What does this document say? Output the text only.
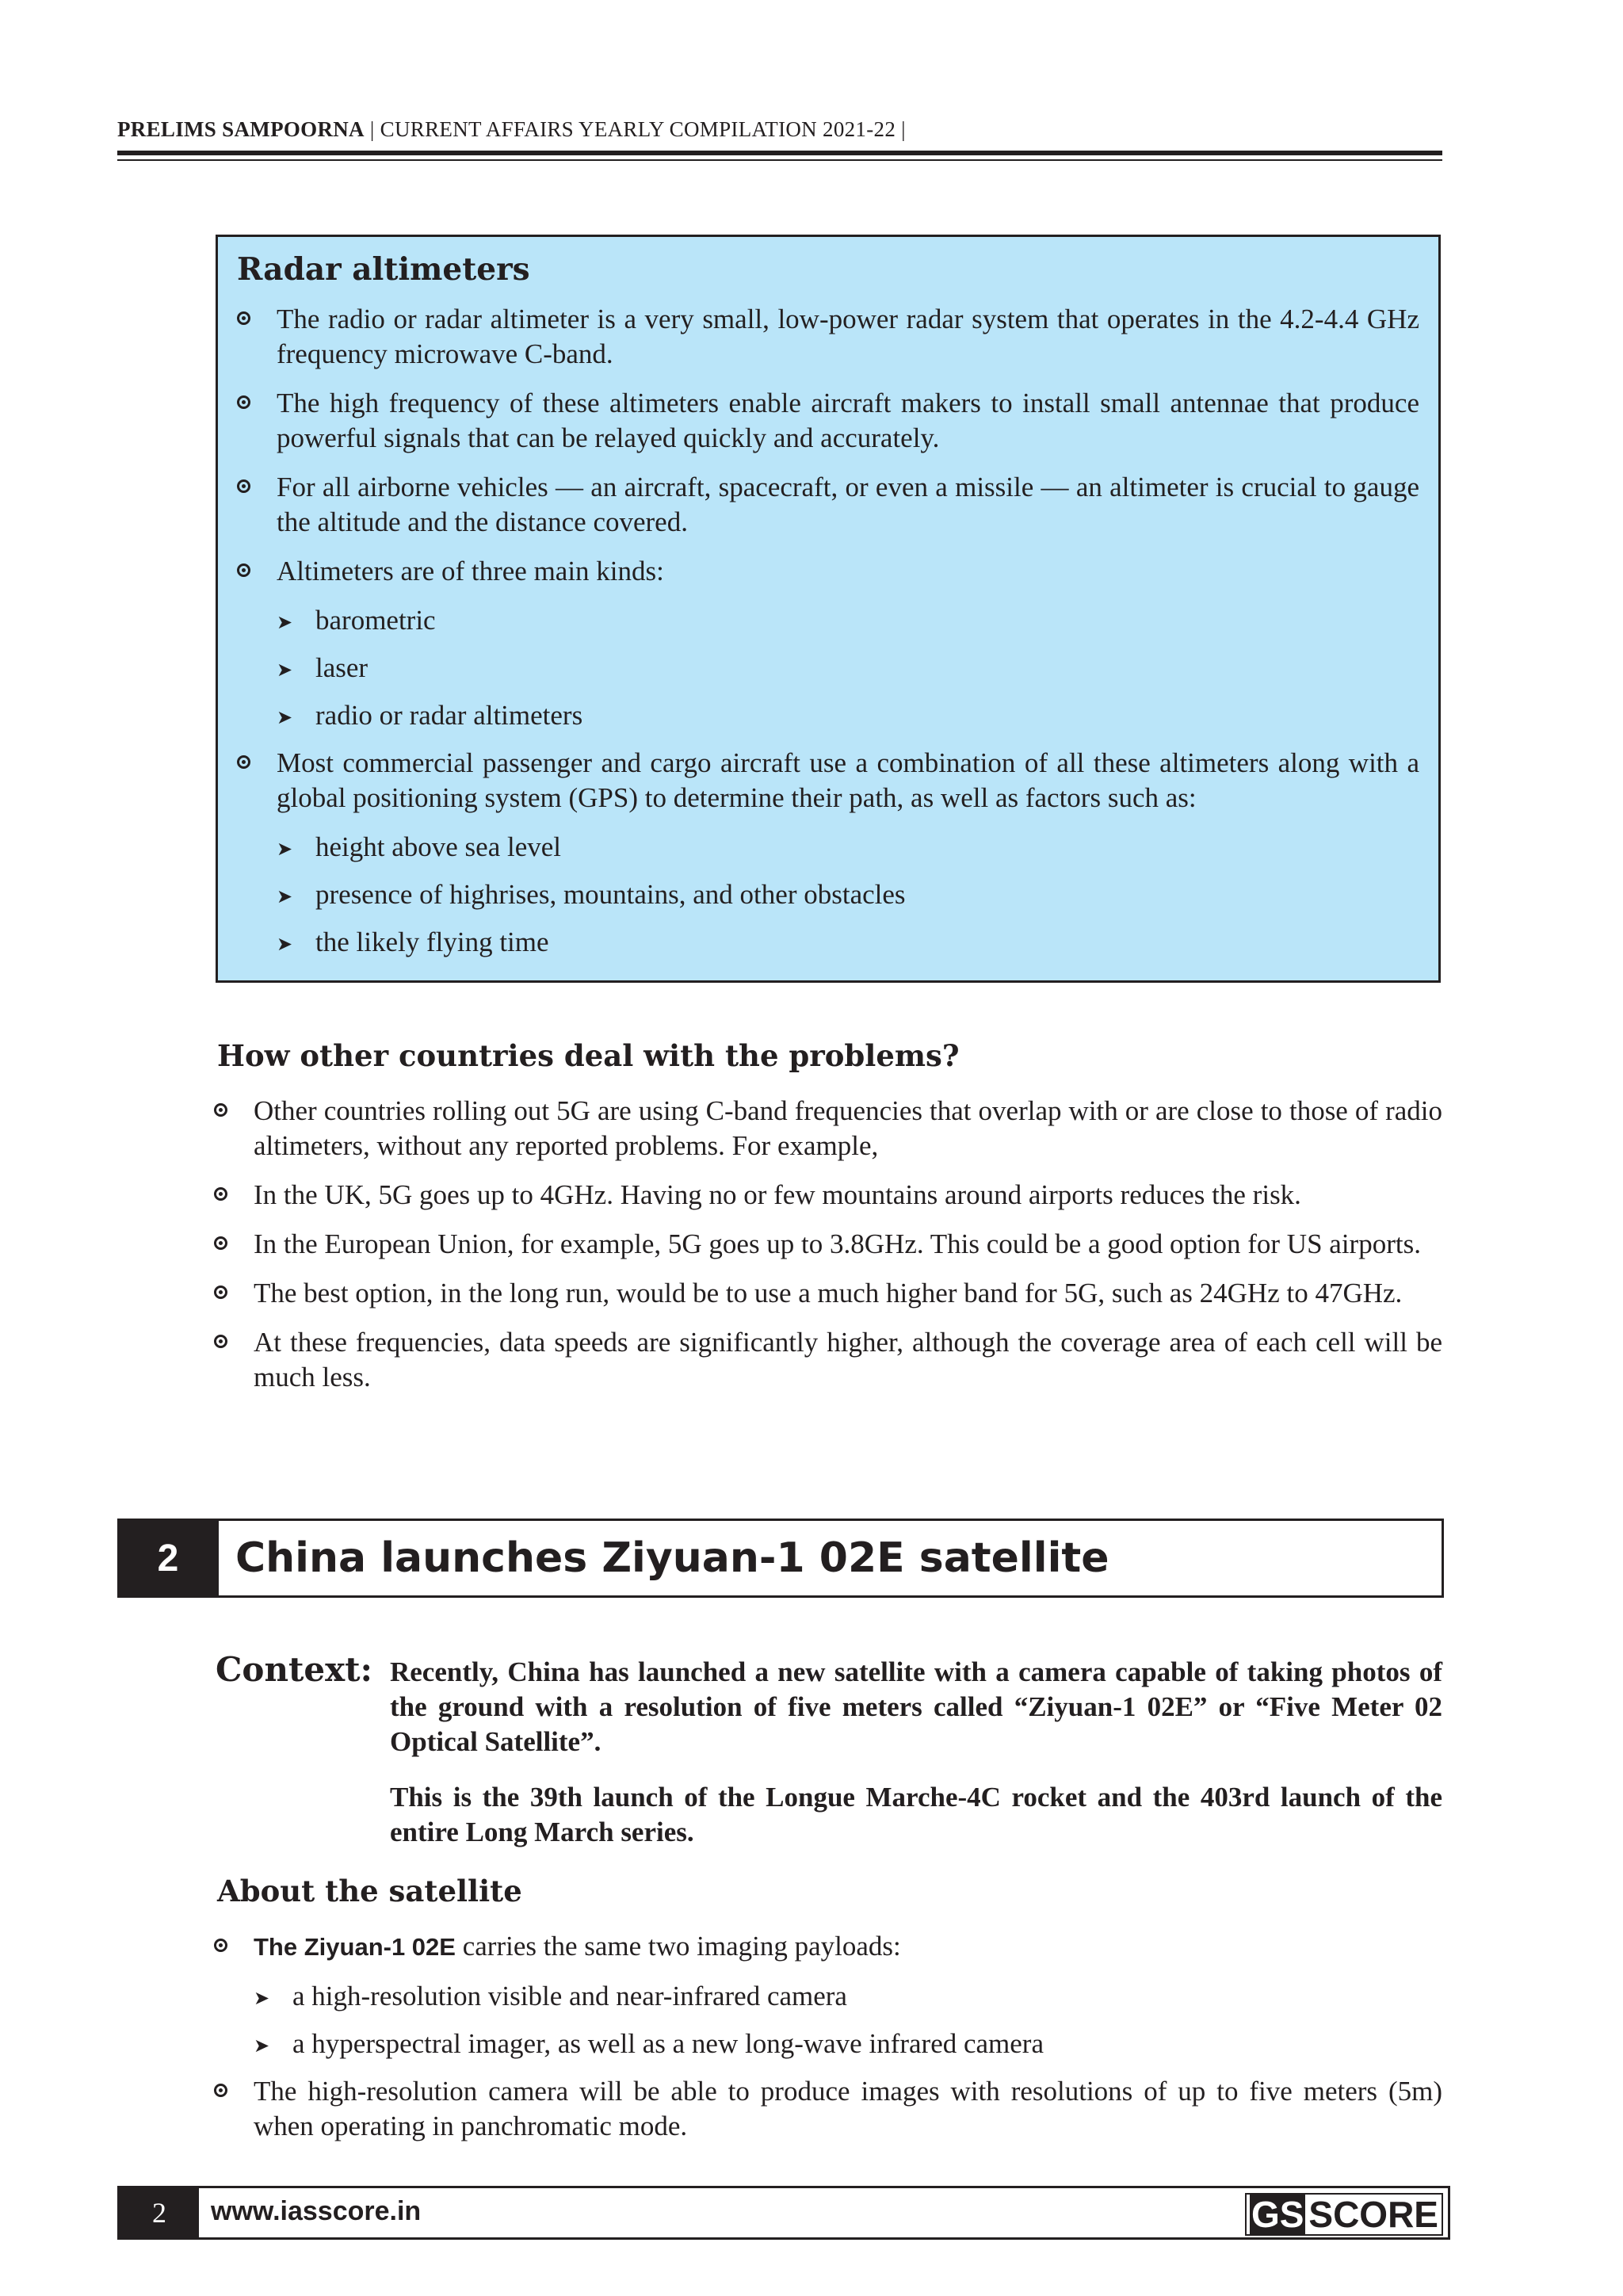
PRELIMS SAMPOORNA | CURRENT AFFAIRS YEARLY COMPILATION 2021-22 |
Radar altimeters
The radio or radar altimeter is a very small, low-power radar system that operates in the 4.2-4.4 GHz frequency microwave C-band.
The high frequency of these altimeters enable aircraft makers to install small antennae that produce powerful signals that can be relayed quickly and accurately.
For all airborne vehicles — an aircraft, spacecraft, or even a missile — an altimeter is crucial to gauge the altitude and the distance covered.
Altimeters are of three main kinds:
➤ barometric
➤ laser
➤ radio or radar altimeters
Most commercial passenger and cargo aircraft use a combination of all these altimeters along with a global positioning system (GPS) to determine their path, as well as factors such as:
➤ height above sea level
➤ presence of highrises, mountains, and other obstacles
➤ the likely flying time
How other countries deal with the problems?
Other countries rolling out 5G are using C-band frequencies that overlap with or are close to those of radio altimeters, without any reported problems. For example,
In the UK, 5G goes up to 4GHz. Having no or few mountains around airports reduces the risk.
In the European Union, for example, 5G goes up to 3.8GHz. This could be a good option for US airports.
The best option, in the long run, would be to use a much higher band for 5G, such as 24GHz to 47GHz.
At these frequencies, data speeds are significantly higher, although the coverage area of each cell will be much less.
2	China launches Ziyuan-1 02E satellite
Context: Recently, China has launched a new satellite with a camera capable of taking photos of the ground with a resolution of five meters called “Ziyuan-1 02E” or “Five Meter 02 Optical Satellite”.
This is the 39th launch of the Longue Marche-4C rocket and the 403rd launch of the entire Long March series.
About the satellite
The Ziyuan-1 02E carries the same two imaging payloads:
➤ a high-resolution visible and near-infrared camera
➤ a hyperspectral imager, as well as a new long-wave infrared camera
The high-resolution camera will be able to produce images with resolutions of up to five meters (5m) when operating in panchromatic mode.
2	www.iasscore.in	GS SCORE
